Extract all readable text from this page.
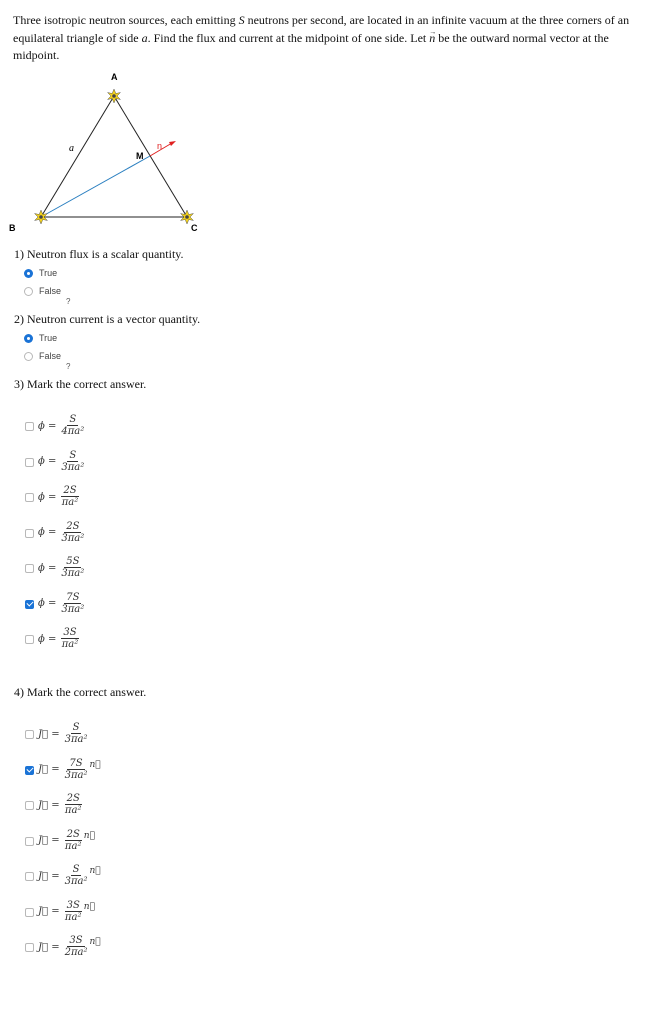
Three isotropic neutron sources, each emitting S neutrons per second, are located in an infinite vacuum at the three corners of an equilateral triangle of side a. Find the flux and current at the midpoint of one side. Let → n be the outward normal vector at the midpoint.
A
B	C
M
a	n
1) Neutron flux is a scalar quantity.
True
False
?
2) Neutron current is a vector quantity.
True
False
?
3) Mark the correct answer.
$\phi = \frac{S}{\text{4πa²}}$
$\phi = \frac{S}{\text{3πa²}}$
$\phi = \frac{2S}{\text{πa²}}$
$\phi = \frac{2S}{\text{3πa²}}$
$\phi = \frac{5S}{\text{3πa²}}$
$\phi = \frac{7S}{\text{3πa²}}$
$\phi = \frac{3S}{\text{πa²}}$
4) Mark the correct answer.
J⃗ = $\frac{S}{\text{3πa²}}$
J⃗ = $\frac{7S}{\text{3πa²}}$ n⃗
J⃗ = $\frac{2S}{\text{πa²}}$
J⃗ = $\frac{2S}{\text{πa²}}$ n⃗
J⃗ = $\frac{S}{\text{3πa²}}$ n⃗
J⃗ = $\frac{3S}{\text{πa²}}$ n⃗
J⃗ = $\frac{3S}{\text{2πa²}}$ n⃗
